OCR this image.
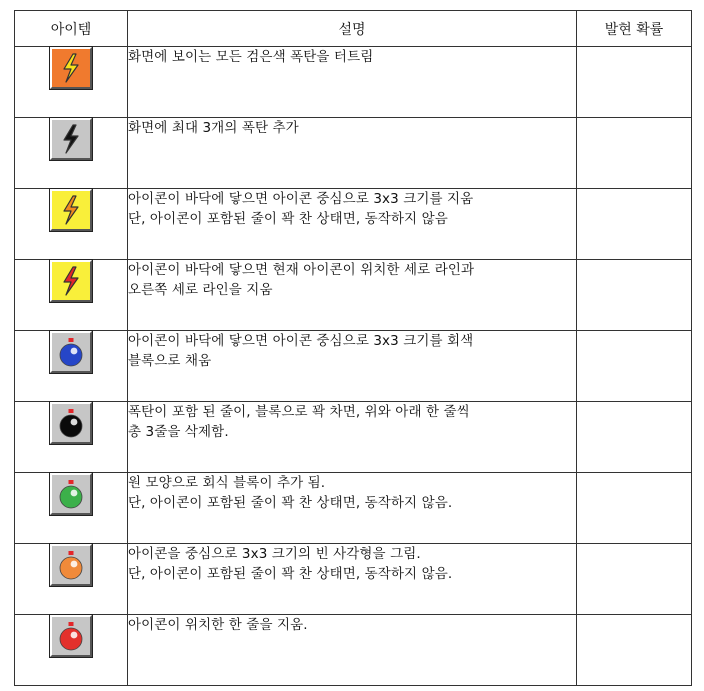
아이템	설명	발현 확률

화면에 보이는 모든 검은색 폭탄을 터트림	

화면에 최대 3개의 폭탄 추가	

아이콘이 바닥에 닿으면 아이콘 중심으로 3x3 크기를 지움
단, 아이콘이 포함된 줄이 꽉 찬 상태면, 동작하지 않음	

아이콘이 바닥에 닿으면 현재 아이콘이 위치한 세로 라인과
오른쪽 세로 라인을 지움	

아이콘이 바닥에 닿으면 아이콘 중심으로 3x3 크기를 회색
블록으로 채움	

폭탄이 포함 된 줄이, 블록으로 꽉 차면, 위와 아래 한 줄씩
총 3줄을 삭제함.	

원 모양으로 회식 블록이 추가 됨.
단, 아이콘이 포함된 줄이 꽉 찬 상태면, 동작하지 않음.	

아이콘을 중심으로 3x3 크기의 빈 사각형을 그림.
단, 아이콘이 포함된 줄이 꽉 찬 상태면, 동작하지 않음.	

아이콘이 위치한 한 줄을 지움.	
